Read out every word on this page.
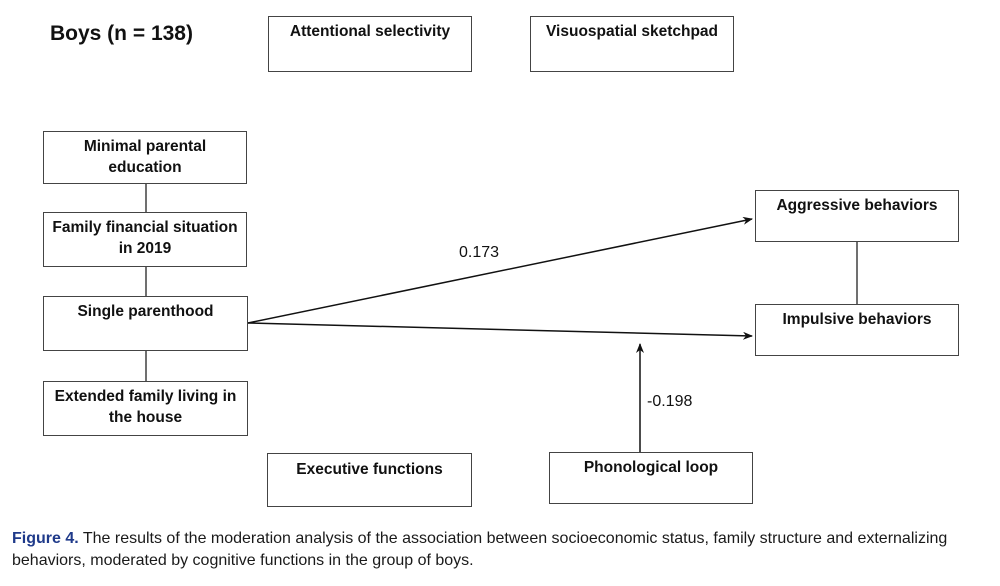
Boys (n = 138)	Attentional selectivity	Visuospatial sketchpad
Minimal parental
education
Family financial situation
in 2019
Single parenthood
Extended family living in
the house
Executive functions	Phonological loop
Aggressive behaviors
Impulsive behaviors
0.173
-0.198
Figure 4. The results of the moderation analysis of the association between socioeconomic status, family structure and externalizing behaviors, moderated by cognitive functions in the group of boys.
